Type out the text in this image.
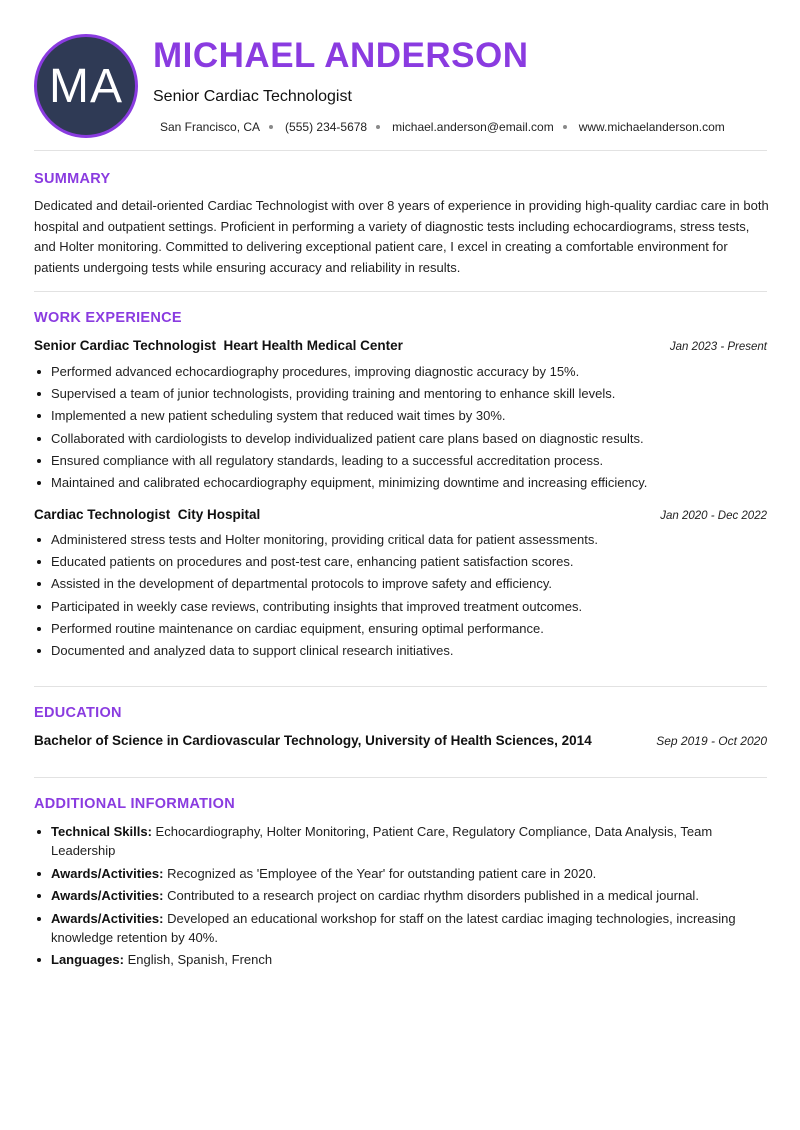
MA
MICHAEL ANDERSON
Senior Cardiac Technologist
San Francisco, CA (555) 234-5678 michael.anderson@email.com www.michaelanderson.com
SUMMARY
Dedicated and detail-oriented Cardiac Technologist with over 8 years of experience in providing high-quality cardiac care in both hospital and outpatient settings. Proficient in performing a variety of diagnostic tests including echocardiograms, stress tests, and Holter monitoring. Committed to delivering exceptional patient care, I excel in creating a comfortable environment for patients undergoing tests while ensuring accuracy and reliability in results.
WORK EXPERIENCE
Senior Cardiac Technologist  Heart Health Medical Center	Jan 2023 - Present
Performed advanced echocardiography procedures, improving diagnostic accuracy by 15%.
Supervised a team of junior technologists, providing training and mentoring to enhance skill levels.
Implemented a new patient scheduling system that reduced wait times by 30%.
Collaborated with cardiologists to develop individualized patient care plans based on diagnostic results.
Ensured compliance with all regulatory standards, leading to a successful accreditation process.
Maintained and calibrated echocardiography equipment, minimizing downtime and increasing efficiency.
Cardiac Technologist  City Hospital	Jan 2020 - Dec 2022
Administered stress tests and Holter monitoring, providing critical data for patient assessments.
Educated patients on procedures and post-test care, enhancing patient satisfaction scores.
Assisted in the development of departmental protocols to improve safety and efficiency.
Participated in weekly case reviews, contributing insights that improved treatment outcomes.
Performed routine maintenance on cardiac equipment, ensuring optimal performance.
Documented and analyzed data to support clinical research initiatives.
EDUCATION
Bachelor of Science in Cardiovascular Technology, University of Health Sciences, 2014	Sep 2019 - Oct 2020
ADDITIONAL INFORMATION
Technical Skills: Echocardiography, Holter Monitoring, Patient Care, Regulatory Compliance, Data Analysis, Team Leadership
Awards/Activities: Recognized as 'Employee of the Year' for outstanding patient care in 2020.
Awards/Activities: Contributed to a research project on cardiac rhythm disorders published in a medical journal.
Awards/Activities: Developed an educational workshop for staff on the latest cardiac imaging technologies, increasing knowledge retention by 40%.
Languages: English, Spanish, French
